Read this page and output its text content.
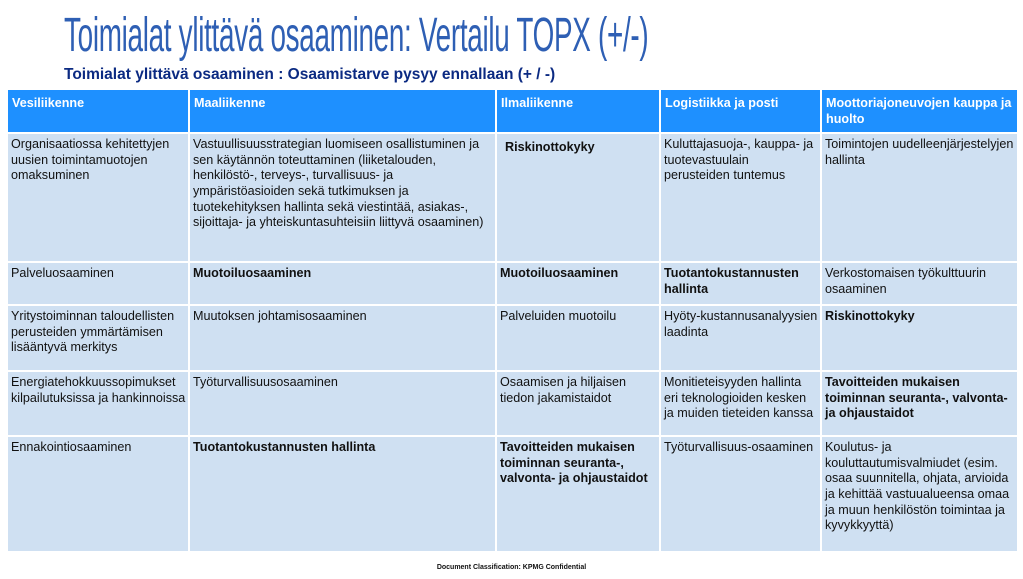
Toimialat ylittävä osaaminen: Vertailu TOPX (+/-)
Toimialat ylittävä osaaminen : Osaamistarve pysyy ennallaan (+ / -)
Vesiliikenne	Maaliikenne	Ilmaliikenne	Logistiikka ja posti	Moottoriajoneuvojen kauppa ja huolto
Organisaatiossa kehitettyjen uusien toimintamuotojen omaksuminen	Vastuullisuusstrategian luomiseen osallistuminen ja sen käytännön toteuttaminen (liiketalouden, henkilöstö-, terveys-, turvallisuus- ja ympäristöasioiden sekä tutkimuksen ja tuotekehityksen hallinta sekä viestintää, asiakas-, sijoittaja- ja yhteiskuntasuhteisiin liittyvä osaaminen)	Riskinottokyky	Kuluttajasuoja-, kauppa- ja tuotevastuulain perusteiden tuntemus	Toimintojen uudelleenjärjestelyjen hallinta
Palveluosaaminen	Muotoiluosaaminen	Muotoiluosaaminen	Tuotantokustannusten hallinta	Verkostomaisen työkulttuurin osaaminen
Yritystoiminnan taloudellisten perusteiden ymmärtämisen lisääntyvä merkitys	Muutoksen johtamisosaaminen	Palveluiden muotoilu	Hyöty-kustannusanalyysien laadinta	Riskinottokyky
Energiatehokkuussopimukset kilpailutuksissa ja hankinnoissa	Työturvallisuusosaaminen	Osaamisen ja hiljaisen tiedon jakamistaidot	Monitieteisyyden hallinta eri teknologioiden kesken ja muiden tieteiden kanssa	Tavoitteiden mukaisen toiminnan seuranta-, valvonta- ja ohjaustaidot
Ennakointiosaaminen	Tuotantokustannusten hallinta	Tavoitteiden mukaisen toiminnan seuranta-, valvonta- ja ohjaustaidot	Työturvallisuus-osaaminen	Koulutus- ja kouluttautumisvalmiudet (esim. osaa suunnitella, ohjata, arvioida ja kehittää vastuualueensa omaa ja muun henkilöstön toimintaa ja kyvykkyyttä)
Document Classification: KPMG Confidential
